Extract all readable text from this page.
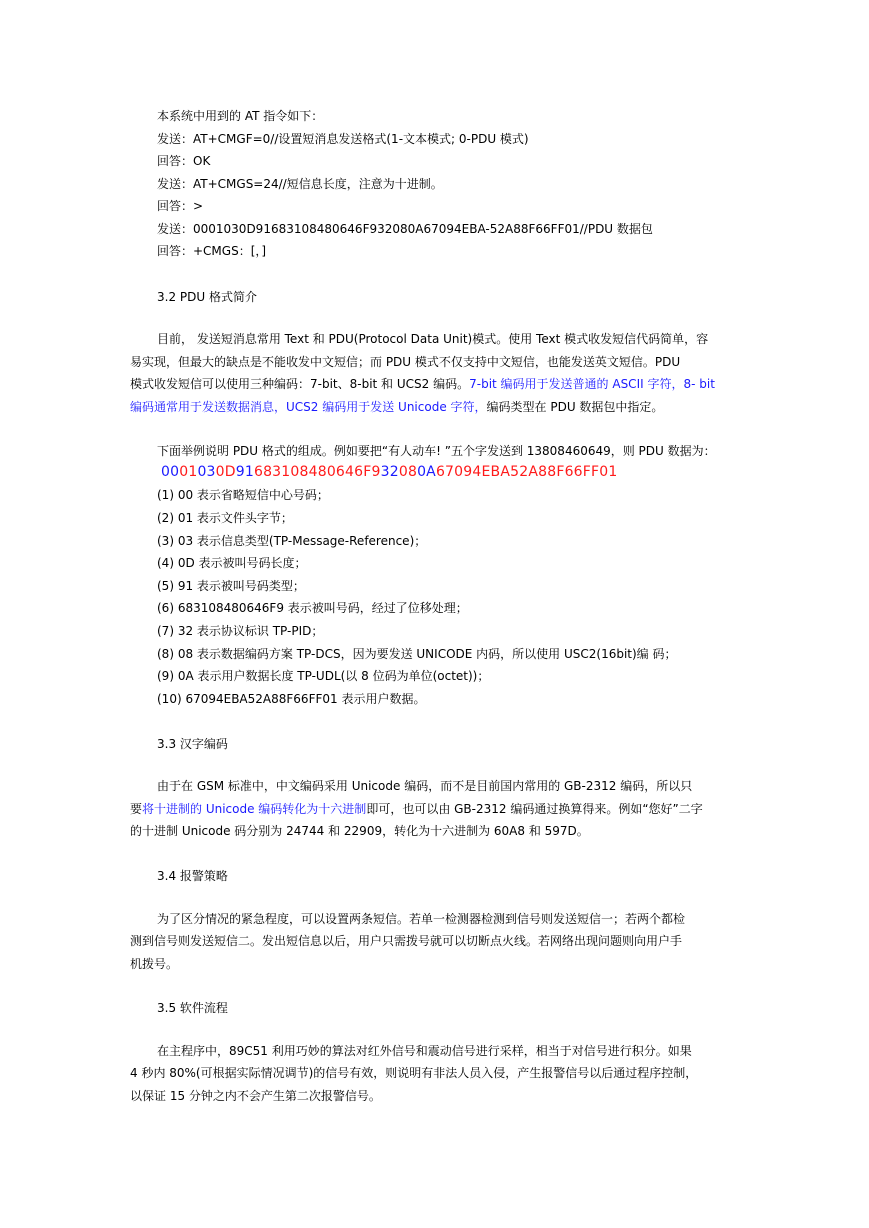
本系统中用到的 AT 指令如下：
发送：AT+CMGF=0//设置短消息发送格式(1-文本模式; 0-PDU 模式)
回答：OK
发送：AT+CMGS=24//短信息长度，注意为十进制。
回答：>
发送：0001030D91683108480646F932080A67094EBA-52A88F66FF01//PDU 数据包
回答：+CMGS：[，]
3.2 PDU 格式简介
目前， 发送短消息常用 Text 和 PDU(Protocol Data Unit)模式。使用 Text 模式收发短信代码简单，容
易实现，但最大的缺点是不能收发中文短信；而 PDU 模式不仅支持中文短信，也能发送英文短信。PDU
模式收发短信可以使用三种编码：7-bit、8-bit 和 UCS2 编码。7-bit 编码用于发送普通的 ASCII 字符，8- bit
编码通常用于发送数据消息，UCS2 编码用于发送 Unicode 字符，编码类型在 PDU 数据包中指定。
下面举例说明 PDU 格式的组成。例如要把“有人动车! ”五个字发送到 13808460649，则 PDU 数据为：
0001030D91683108480646F932080A67094EBA52A88F66FF01
(1) 00 表示省略短信中心号码；
(2) 01 表示文件头字节；
(3) 03 表示信息类型(TP-Message-Reference)；
(4) 0D 表示被叫号码长度；
(5) 91 表示被叫号码类型；
(6) 683108480646F9 表示被叫号码，经过了位移处理；
(7) 32 表示协议标识 TP-PID；
(8) 08 表示数据编码方案 TP-DCS，因为要发送 UNICODE 内码，所以使用 USC2(16bit)编 码；
(9) 0A 表示用户数据长度 TP-UDL(以 8 位码为单位(octet))；
(10) 67094EBA52A88F66FF01 表示用户数据。
3.3 汉字编码
由于在 GSM 标准中，中文编码采用 Unicode 编码，而不是目前国内常用的 GB-2312 编码，所以只
要将十进制的 Unicode 编码转化为十六进制即可，也可以由 GB-2312 编码通过换算得来。例如“您好”二字
的十进制 Unicode 码分别为 24744 和 22909，转化为十六进制为 60A8 和 597D。
3.4 报警策略
为了区分情况的紧急程度，可以设置两条短信。若单一检测器检测到信号则发送短信一；若两个都检
测到信号则发送短信二。发出短信息以后，用户只需拨号就可以切断点火线。若网络出现问题则向用户手
机拨号。
3.5 软件流程
在主程序中，89C51 利用巧妙的算法对红外信号和震动信号进行采样，相当于对信号进行积分。如果
4 秒内 80%(可根据实际情况调节)的信号有效，则说明有非法人员入侵，产生报警信号以后通过程序控制，
以保证 15 分钟之内不会产生第二次报警信号。
